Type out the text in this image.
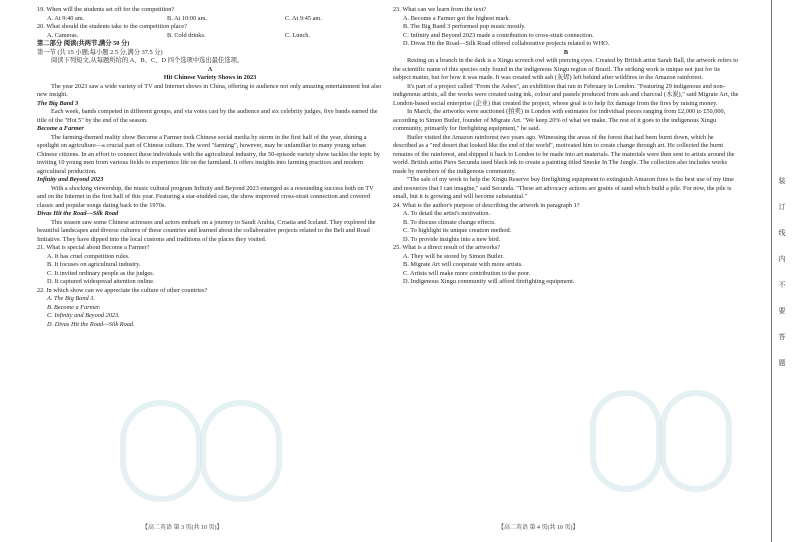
19. When will the students set off for the competition?

A. At 9:40 am.	B. At 10:00 am.	C. At 9:45 am.

20. What should the students take to the competition place?

A. Cameras.	B. Cold drinks.	C. Lunch.

第二部分 阅读(共两节,满分 50 分)

第一节 (共 15 小题;每小题 2.5 分,满分 37.5 分)

阅读下列短文,从每题所给的 A、B、C、D 四个选项中选出最佳选项。

A

Hit Chinese Variety Shows in 2023

The year 2023 saw a wide variety of TV and Internet shows in China, offering to audience not only amazing entertainment but also new insight.

The Big Band 3

Each week, bands competed in different groups, and via votes cast by the audience and six celebrity judges, five bands earned the title of the "Hot 5" by the end of the season.

Become a Farmer

The farming-themed reality show Become a Farmer took Chinese social media by storm in the first half of the year, shining a spotlight on agriculture—a crucial part of Chinese culture. The word "farming", however, may be unfamiliar to many young urban Chinese citizens. In an effort to connect these individuals with the agricultural industry, the 50-episode variety show tackles the topic by inviting 10 young men from various fields to experience life on the farmland. It offers insights into farming practices and modern agricultural production.

Infinity and Beyond 2023

With a shocking viewership, the music cultural program Infinity and Beyond 2023 emerged as a resounding success both on TV and on the Internet in the first half of this year. Featuring a star-studded cast, the show improved cross-strait connection and covered classic and popular songs dating back to the 1970s.

Divas Hit the Road—Silk Road

This season saw some Chinese actresses and actors embark on a journey to Saudi Arabia, Croatia and Iceland. They explored the beautiful landscapes and diverse cultures of these countries and learned about the collaborative projects related to the Belt and Road Initiative. They have dipped into the local customs and traditions of the places they visited.

21. What is special about Become a Farmer?

A. It has cruel competition rules.

B. It focuses on agricultural industry.

C. It invited ordinary people as the judges.

D. It captured widespread attention online.

22. In which show can we appreciate the culture of other countries?

A. The Big Band 3.

B. Become a Farmer.

C. Infinity and Beyond 2023.

D. Divas Hit the Road—Silk Road.

23. What can we learn from the text?

A. Become a Farmer got the highest mark.

B. The Big Band 3 performed pop music mostly.

C. Infinity and Beyond 2023 made a contribution to cross-strait connection.

D. Divas Hit the Road—Silk Road offered collaborative projects related to WHO.

B

Resting on a branch in the dark is a Xingu screech owl with piercing eyes. Created by British artist Sarah Ball, the artwork refers to the scientific name of this species only found in the indigenous Xingu region of Brazil. The striking work is unique not just for its subject matter, but for how it was made. It was created with ash (灰烬) left behind after wildfires in the Amazon rainforest.

It's part of a project called "From the Ashes", an exhibition that ran in February in London. "Featuring 29 indigenous and non-indigenous artists, all the works were created using ink, colour and pastels produced from ash and charcoal (木炭)," said Migrate Art, the London-based social enterprise (企业) that created the project, whose goal is to help fix damage from the fires by raising money.

In March, the artworks were auctioned (拍卖) in London with estimates for individual pieces ranging from £2,000 to £50,000, according to Simon Butler, founder of Migrate Art. "We keep 20% of what we make. The rest of it goes to the indigenous Xingu community, primarily for firefighting equipment," he said.

Butler visited the Amazon rainforest two years ago. Witnessing the areas of the forest that had been burnt down, which he described as a "red desert that looked like the end of the world", motivated him to create change through art. He collected the burnt remains of the rainforest, and shipped it back to London to be made into art materials. The materials were then sent to artists around the world. British artist Piers Secunda used black ink to create a painting titled Smoke In The Jungle. The collection also includes works made by members of the indigenous community.

"The sale of my work to help the Xingu Reserve buy firefighting equipment to extinguish Amazon fires is the best use of my time and resources that I can imagine," said Secunda. "These art advocacy actions are grains of sand which build a pile. For now, the pile is small, but it is growing and will become substantial."

24. What is the author's purpose of describing the artwork in paragraph 1?

A. To detail the artist's motivation.

B. To discuss climate change effects.

C. To highlight its unique creation method.

D. To provide insights into a new bird.

25. What is a direct result of the artworks?

A. They will be stored by Simon Butler.

B. Migrate Art will cooperate with more artists.

C. Artists will make more contribution to the poor.

D. Indigenous Xingu community will afford firefighting equipment.

【高二英语 第 3 页(共 10 页)】	【高二英语 第 4 页(共 10 页)】
装
订
线
内
不
要
答
题
